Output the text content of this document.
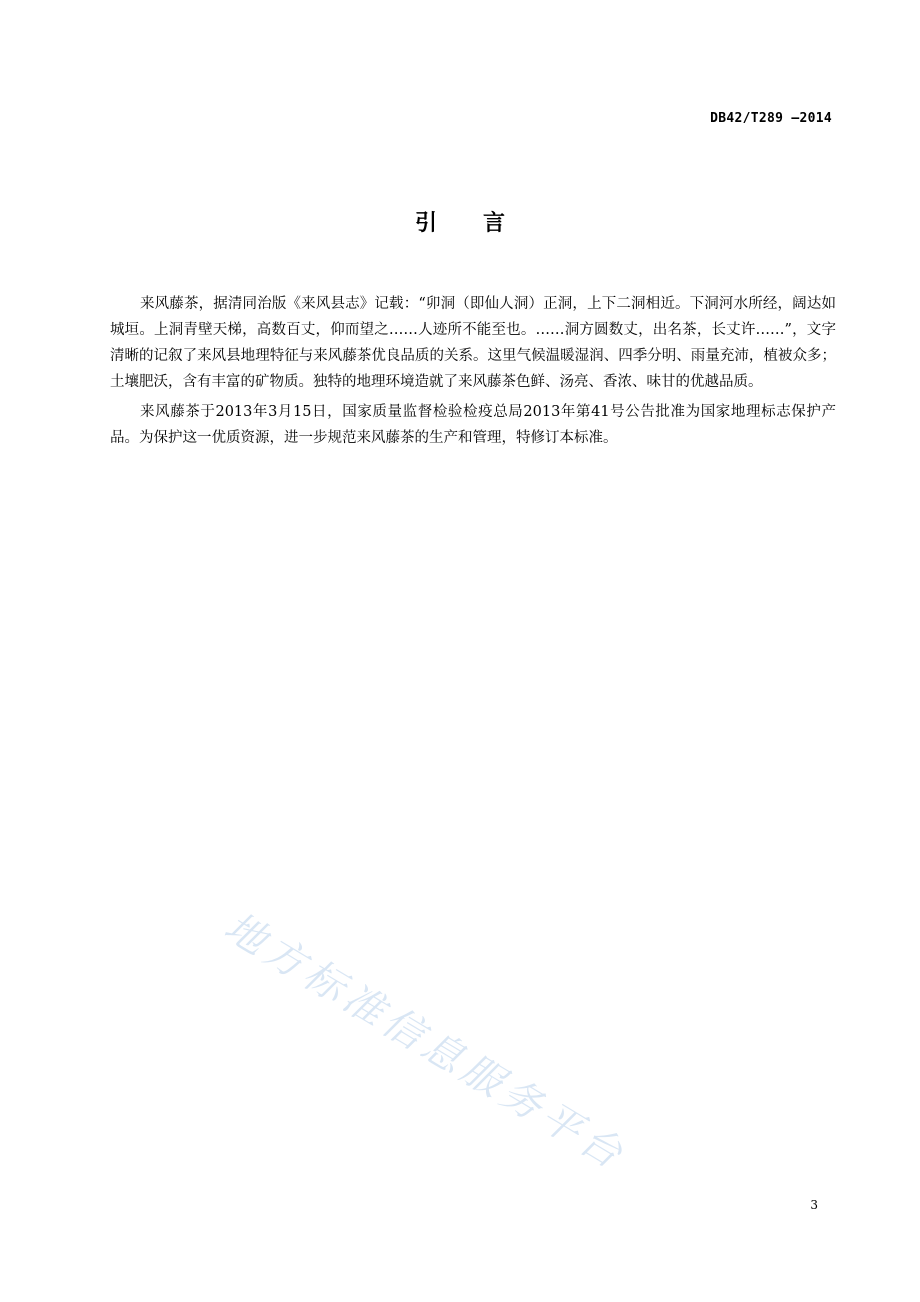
DB42/T289 —2014
引言

来风藤茶，据清同治版《来风县志》记载：“卯洞（即仙人洞）正洞，上下二洞相近。下洞河水所经，阔达如城垣。上洞青壁天梯，高数百丈，仰而望之……人迹所不能至也。……洞方圆数丈，出名茶，长丈许……”，文字清晰的记叙了来风县地理特征与来风藤茶优良品质的关系。这里气候温暖湿润、四季分明、雨量充沛，植被众多；土壤肥沃，含有丰富的矿物质。独特的地理环境造就了来风藤茶色鲜、汤亮、香浓、味甘的优越品质。

来风藤茶于2013年3月15日，国家质量监督检验检疫总局2013年第41号公告批准为国家地理标志保护产品。为保护这一优质资源，进一步规范来风藤茶的生产和管理，特修订本标准。

地方标准信息服务平台
3
